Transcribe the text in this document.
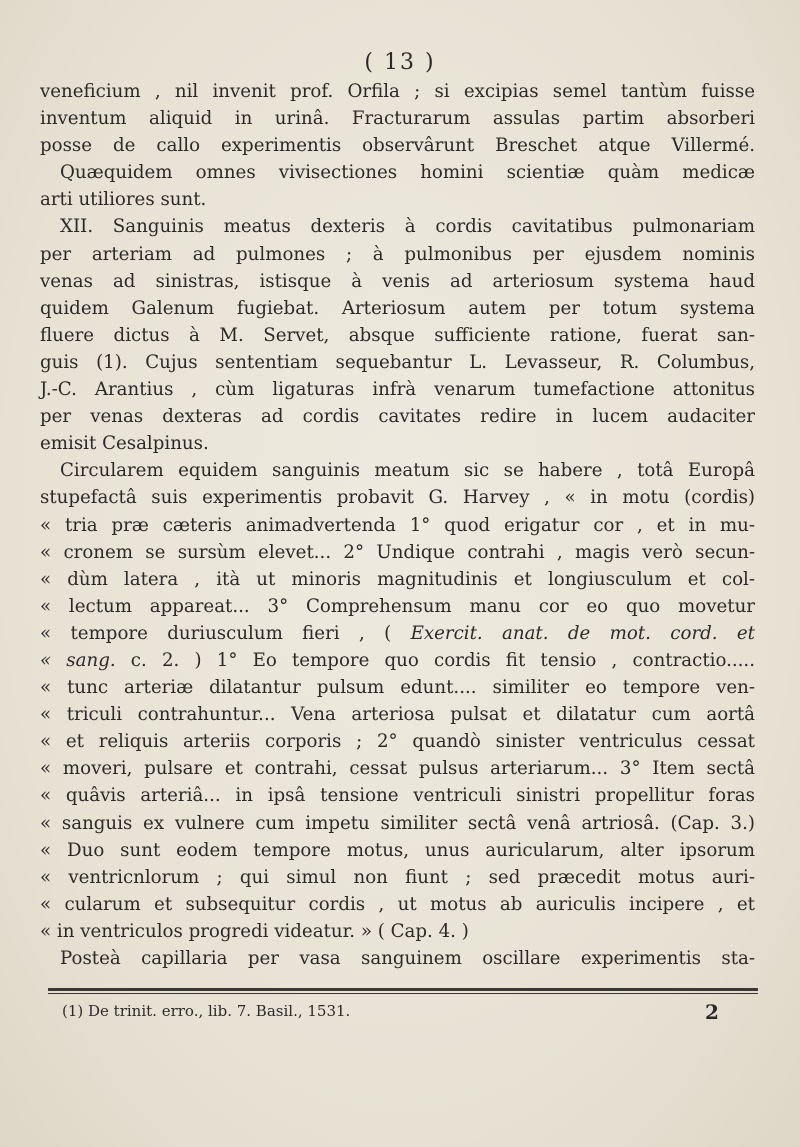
( 13 )
veneficium , nil invenit prof. Orfila ; si excipias semel tantùm fuisse
inventum aliquid in urinâ. Fracturarum assulas partim absorberi
posse de callo experimentis observârunt Breschet atque Villermé.
Quæquidem omnes vivisectiones homini scientiæ quàm medicæ
arti utiliores sunt.
XII. Sanguinis meatus dexteris à cordis cavitatibus pulmonariam
per arteriam ad pulmones ; à pulmonibus per ejusdem nominis
venas ad sinistras, istisque à venis ad arteriosum systema haud
quidem Galenum fugiebat. Arteriosum autem per totum systema
fluere dictus à M. Servet, absque sufficiente ratione, fuerat san-
guis (1). Cujus sententiam sequebantur L. Levasseur, R. Columbus,
J.-C. Arantius , cùm ligaturas infrà venarum tumefactione attonitus
per venas dexteras ad cordis cavitates redire in lucem audaciter
emisit Cesalpinus.
Circularem equidem sanguinis meatum sic se habere , totâ Europâ
stupefactâ suis experimentis probavit G. Harvey , « in motu (cordis)
« tria præ cæteris animadvertenda 1° quod erigatur cor , et in mu-
« cronem se sursùm elevet... 2° Undique contrahi , magis verò secun-
« dùm latera , ità ut minoris magnitudinis et longiusculum et col-
« lectum appareat... 3° Comprehensum manu cor eo quo movetur
« tempore duriusculum fieri , ( Exercit. anat. de mot. cord. et
« sang. c. 2. ) 1° Eo tempore quo cordis fit tensio , contractio.....
« tunc arteriæ dilatantur pulsum edunt.... similiter eo tempore ven-
« triculi contrahuntur... Vena arteriosa pulsat et dilatatur cum aortâ
« et reliquis arteriis corporis ; 2° quandò sinister ventriculus cessat
« moveri, pulsare et contrahi, cessat pulsus arteriarum... 3° Item sectâ
« quâvis arteriâ... in ipsâ tensione ventriculi sinistri propellitur foras
« sanguis ex vulnere cum impetu similiter sectâ venâ artriosâ. (Cap. 3.)
« Duo sunt eodem tempore motus, unus auricularum, alter ipsorum
« ventricnlorum ; qui simul non fiunt ; sed præcedit motus auri-
« cularum et subsequitur cordis , ut motus ab auriculis incipere , et
« in ventriculos progredi videatur. » ( Cap. 4. )
Posteà capillaria per vasa sanguinem oscillare experimentis sta-
(1) De trinit. erro., lib. 7. Basil., 1531.	2
